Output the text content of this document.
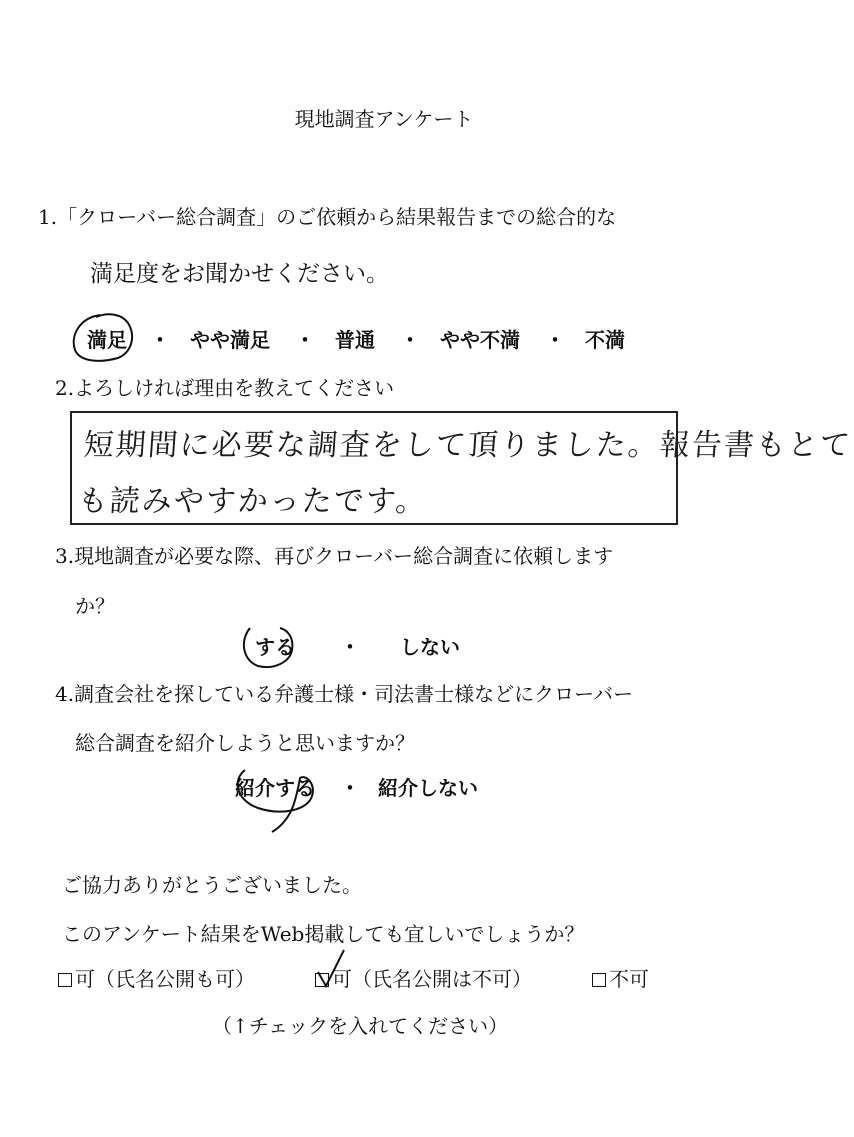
現地調査アンケート
1.「クローバー総合調査」のご依頼から結果報告までの総合的な
満足度をお聞かせください。
満足 ・ やや満足 ・ 普通 ・ やや不満 ・ 不満
2.よろしければ理由を教えてください
短期間に必要な調査をして頂りました。報告書もとて
も読みやすかったです。
3.現地調査が必要な際、再びクローバー総合調査に依頼します
か？
する ・ しない
4.調査会社を探している弁護士様・司法書士様などにクローバー
総合調査を紹介しようと思いますか？
紹介する ・ 紹介しない
ご協力ありがとうございました。
このアンケート結果をWeb掲載しても宜しいでしょうか？
可（氏名公開も可）	可（氏名公開は不可）	不可
（↑チェックを入れてください）
